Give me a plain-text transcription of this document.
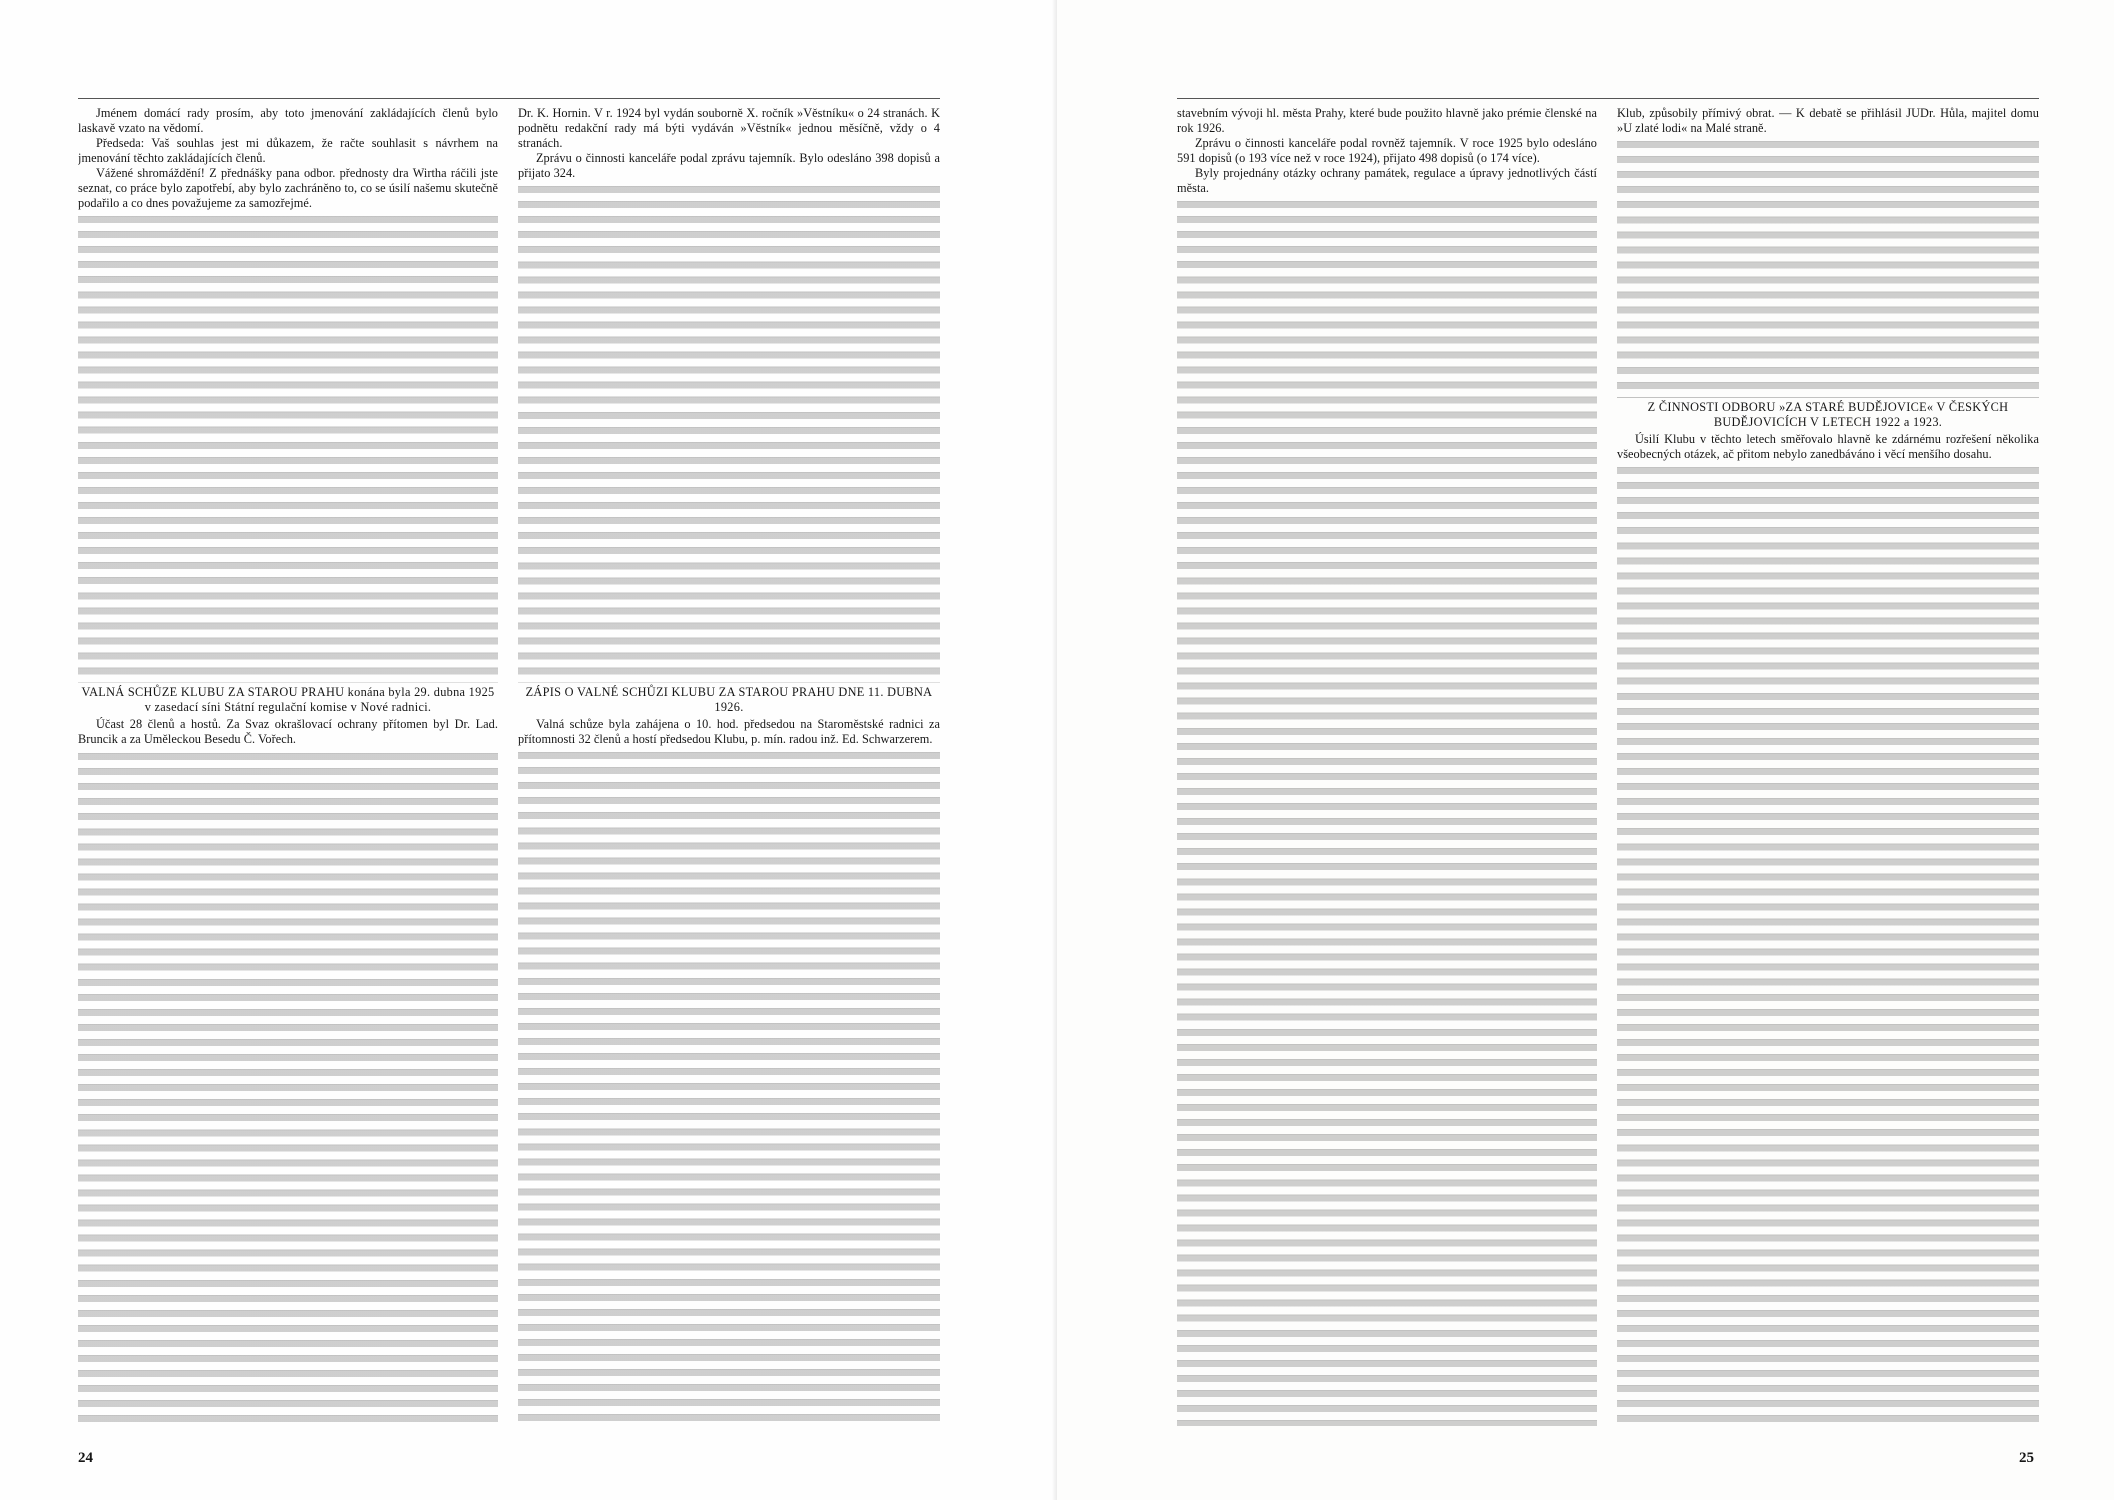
Jménem domácí rady prosím, aby toto jmenování zakládajících členů bylo laskavě vzato na vědomí.

Předseda: Vaš souhlas jest mi důkazem, že račte souhlasit s návrhem na jmenování těchto zakládajících členů.

Vážené shromáždění! Z přednášky pana odbor. přednosty dra Wirtha ráčili jste seznat, co práce bylo zapotřebí, aby bylo zachráněno to, co se úsilí našemu skutečně podařilo a co dnes považujeme za samozřejmé.

VALNÁ SCHŮZE KLUBU ZA STAROU PRAHU konána byla 29. dubna 1925 v zasedací síni Státní regulační komise v Nové radnici.

Účast 28 členů a hostů. Za Svaz okrašlovací ochrany přítomen byl Dr. Lad. Bruncik a za Uměleckou Besedu Č. Vořech.

Dr. K. Hornin. V r. 1924 byl vydán souborně X. ročník »Věstníku« o 24 stranách. K podnětu redakční rady má býti vydáván »Věstník« jednou měsíčně, vždy o 4 stranách.

Zprávu o činnosti kanceláře podal zprávu tajemník. Bylo odesláno 398 dopisů a přijato 324.

ZÁPIS O VALNÉ SCHŮZI KLUBU ZA STAROU PRAHU DNE 11. DUBNA 1926.

Valná schůze byla zahájena o 10. hod. předsedou na Staroměstské radnici za přítomnosti 32 členů a hostí předsedou Klubu, p. mín. radou inž. Ed. Schwarzerem.

24

stavebním vývoji hl. města Prahy, které bude použito hlavně jako prémie členské na rok 1926.

Zprávu o činnosti kanceláře podal rovněž tajemník. V roce 1925 bylo odesláno 591 dopisů (o 193 více než v roce 1924), přijato 498 dopisů (o 174 více).

Byly projednány otázky ochrany památek, regulace a úpravy jednotlivých částí města.

Klub, způsobily přímivý obrat. — K debatě se přihlásil JUDr. Hůla, majitel domu »U zlaté lodi« na Malé straně.

Z ČINNOSTI ODBORU »ZA STARÉ BUDĚJOVICE« V ČESKÝCH BUDĚJOVICÍCH V LETECH 1922 a 1923.

Úsilí Klubu v těchto letech směřovalo hlavně ke zdárnému rozřešení několika všeobecných otázek, ač přitom nebylo zanedbáváno i věcí menšího dosahu.

25
